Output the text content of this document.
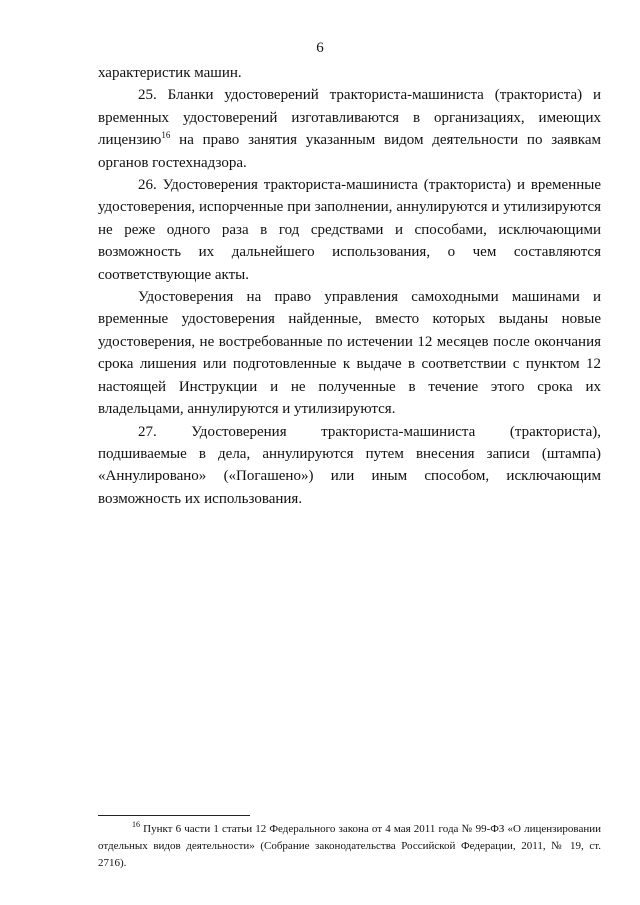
6

характеристик машин.

25. Бланки удостоверений тракториста-машиниста (тракториста) и временных удостоверений изготавливаются в организациях, имеющих лицензию$^{16}$ на право занятия указанным видом деятельности по заявкам органов гостехнадзора.

26. Удостоверения тракториста-машиниста (тракториста) и временные удостоверения, испорченные при заполнении, аннулируются и утилизируются не реже одного раза в год средствами и способами, исключающими возможность их дальнейшего использования, о чем составляются соответствующие акты.

Удостоверения на право управления самоходными машинами и временные удостоверения найденные, вместо которых выданы новые удостоверения, не востребованные по истечении 12 месяцев после окончания срока лишения или подготовленные к выдаче в соответствии с пунктом 12 настоящей Инструкции и не полученные в течение этого срока их владельцами, аннулируются и утилизируются.

27. Удостоверения тракториста-машиниста (тракториста), подшиваемые в дела, аннулируются путем внесения записи (штампа) «Аннулировано» («Погашено») или иным способом, исключающим возможность их использования.

16 Пункт 6 части 1 статьи 12 Федерального закона от 4 мая 2011 года № 99-ФЗ «О лицензировании отдельных видов деятельности» (Собрание законодательства Российской Федерации, 2011, № 19, ст. 2716).
